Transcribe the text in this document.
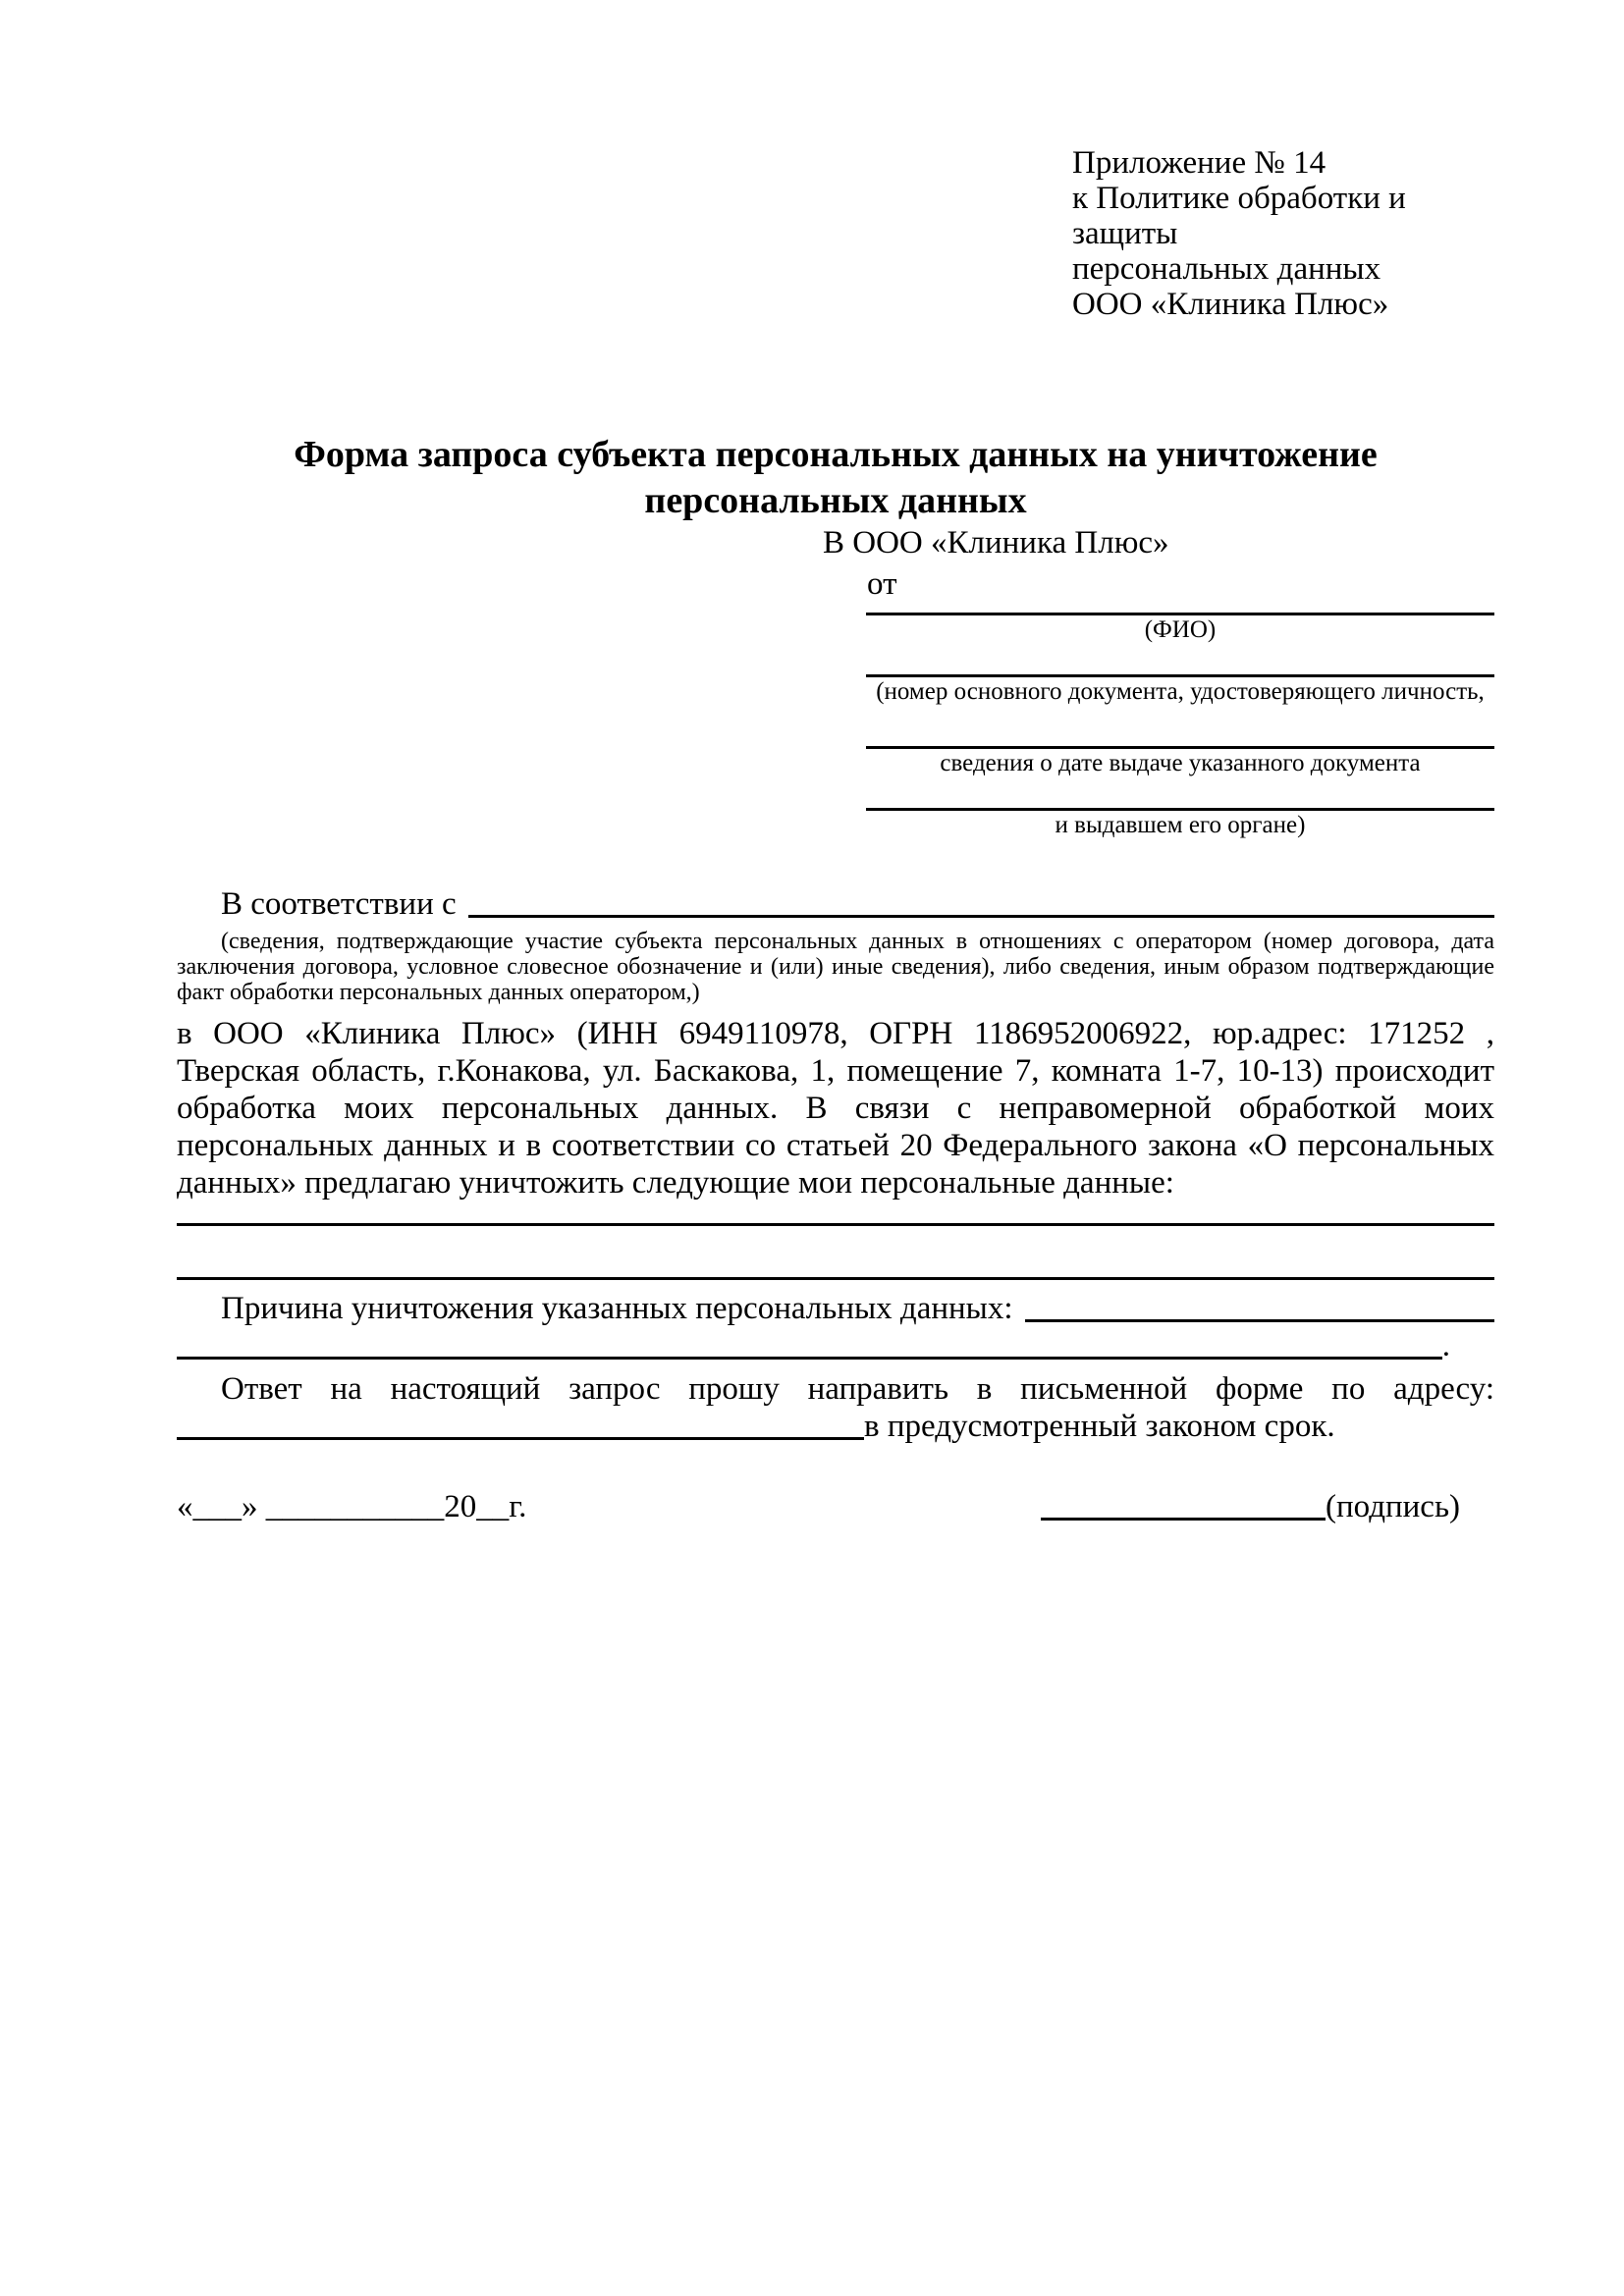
Приложение № 14
к Политике обработки и защиты
персональных данных
ООО «Клиника Плюс»
Форма запроса субъекта персональных данных на уничтожение
персональных данных
В ООО «Клиника Плюс»
от
(ФИО)
(номер основного документа, удостоверяющего личность,
сведения о дате выдаче указанного документа
и выдавшем его органе)
В соответствии с
(сведения, подтверждающие участие субъекта персональных данных в отношениях с оператором (номер договора, дата заключения договора, условное словесное обозначение и (или) иные сведения), либо сведения, иным образом подтверждающие факт обработки персональных данных оператором,)
в ООО «Клиника Плюс» (ИНН 6949110978, ОГРН 1186952006922, юр.адрес: 171252 , Тверская область, г.Конакова, ул. Баскакова, 1, помещение 7, комната 1-7, 10-13) происходит обработка моих персональных данных. В связи с неправомерной обработкой моих персональных данных и в соответствии со статьей 20 Федерального закона «О персональных данных» предлагаю уничтожить следующие мои персональные данные:
Причина уничтожения указанных персональных данных:
.
Ответ на настоящий запрос прошу направить в письменной форме по адресу:
в предусмотренный законом срок.
«___» ___________20__г.	(подпись)
